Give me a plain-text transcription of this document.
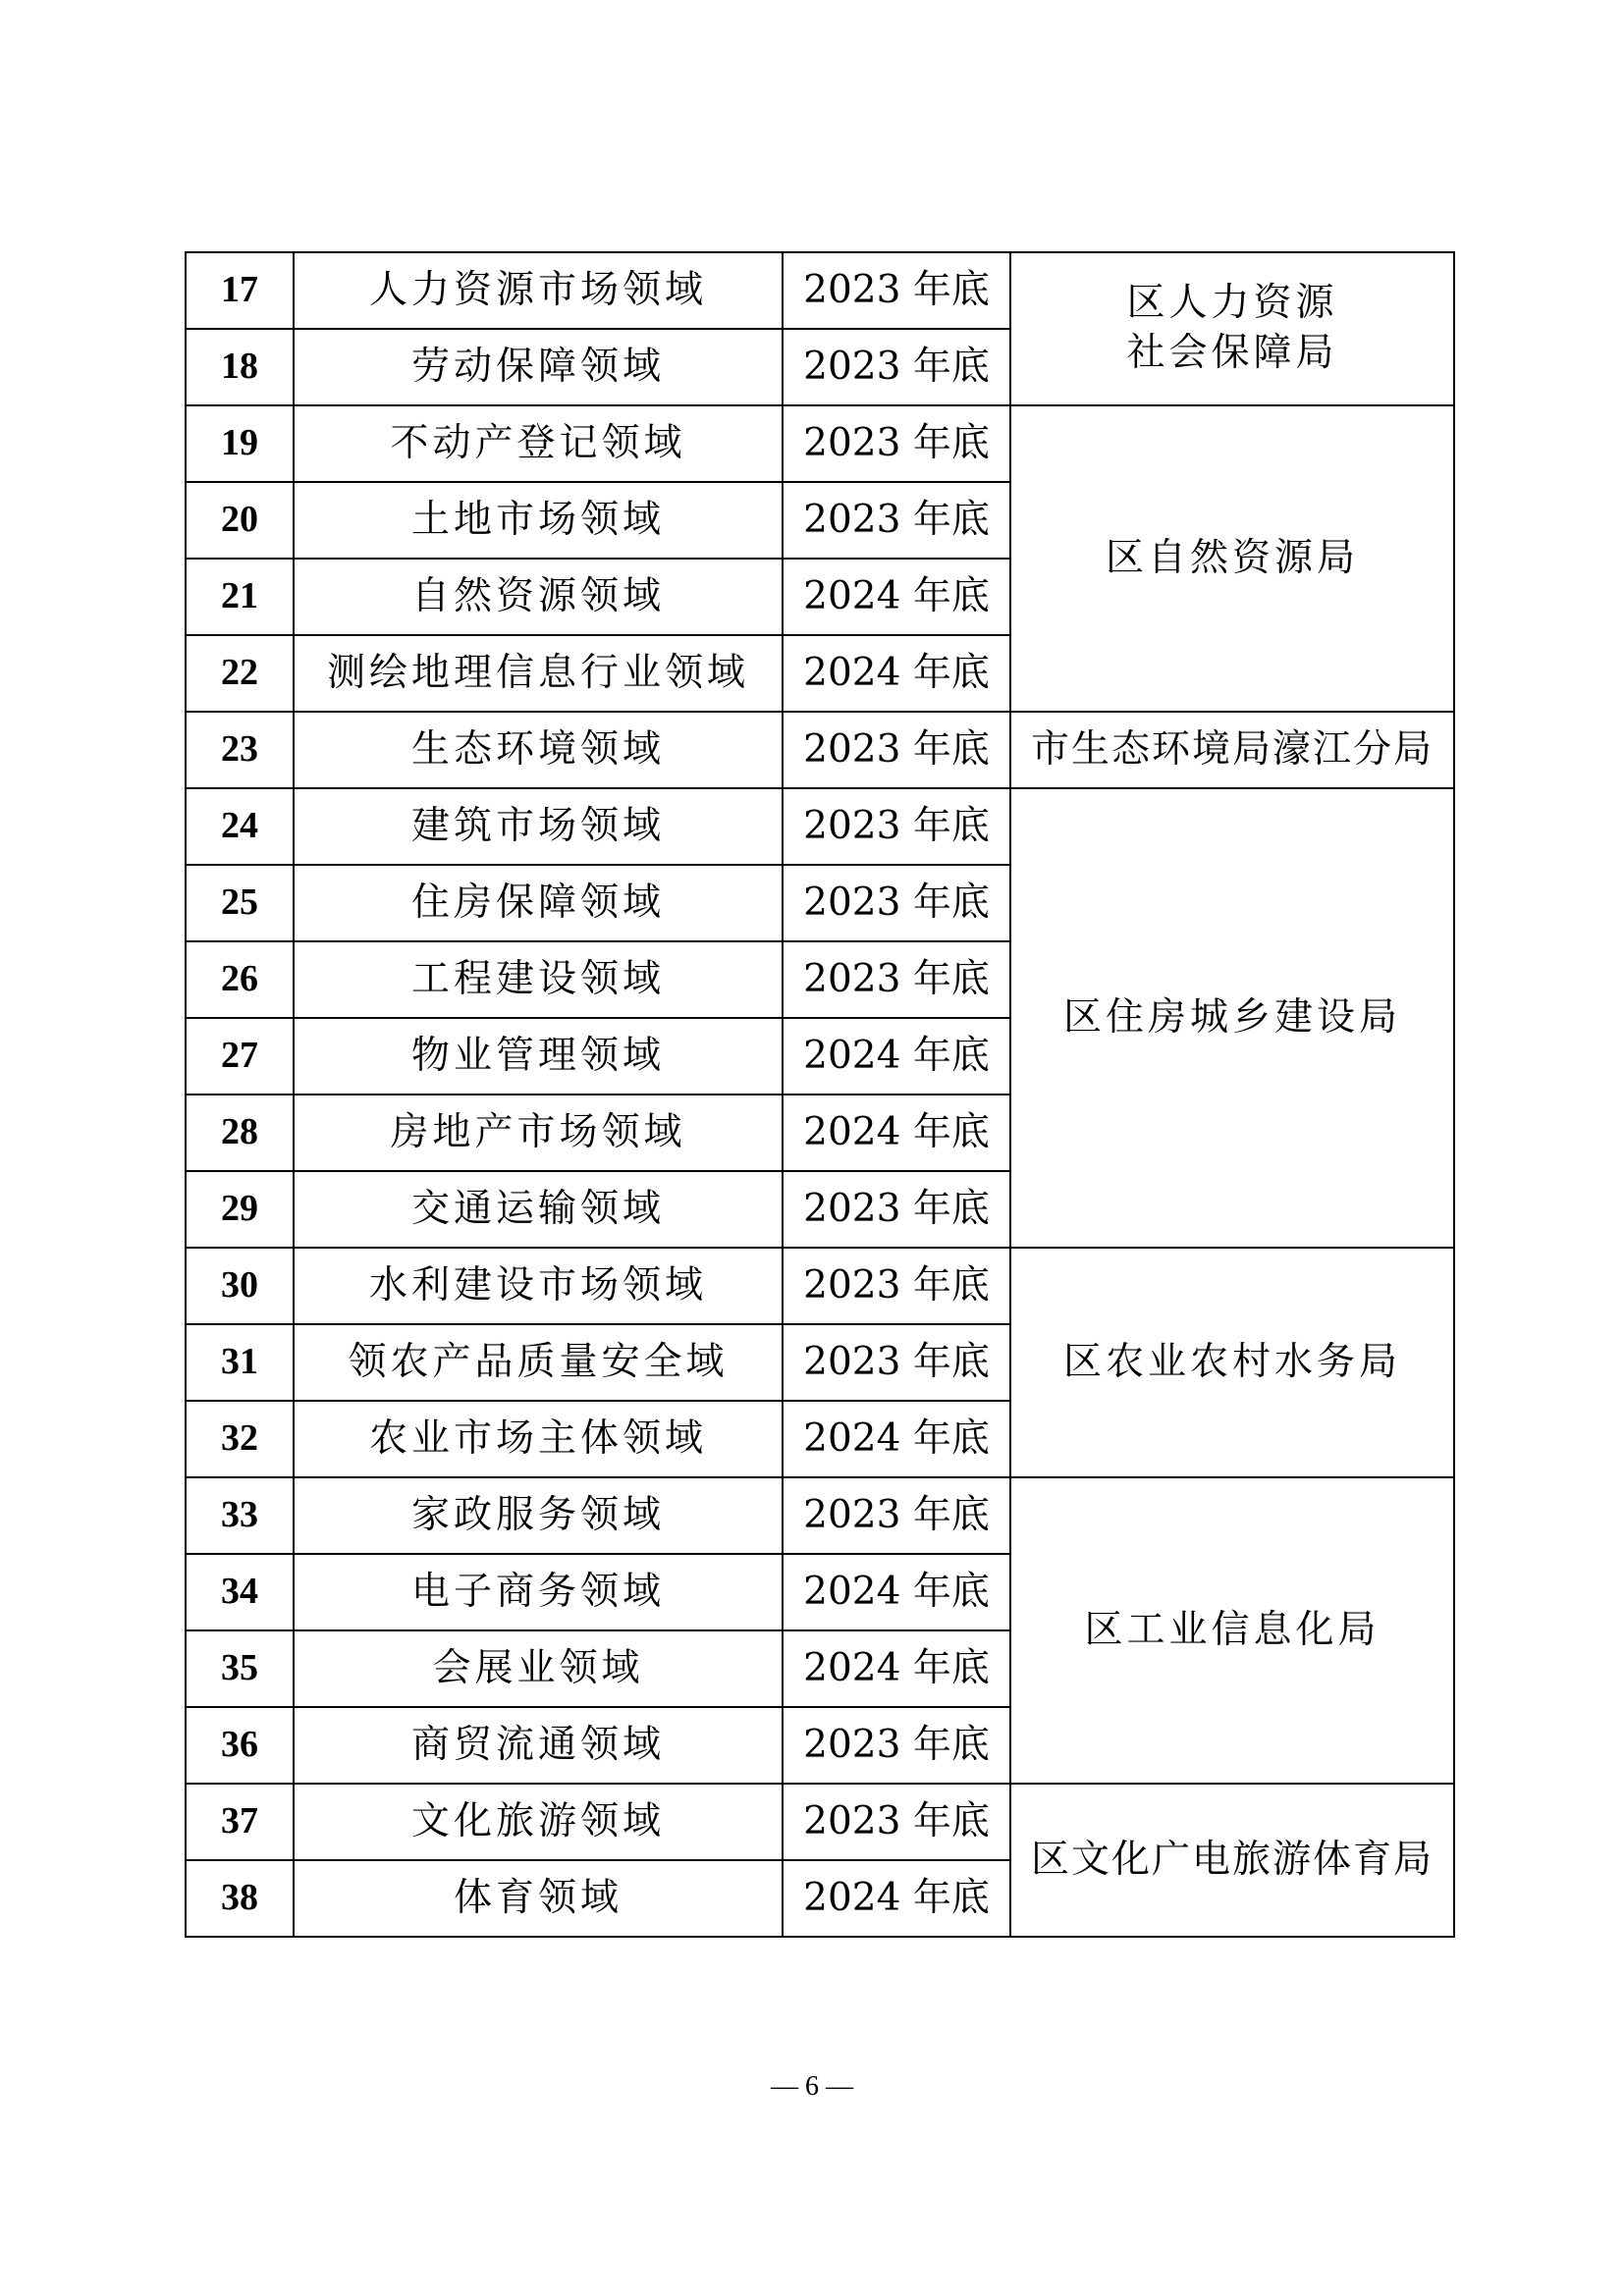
17	人力资源市场领域	2023 年底	区人力资源
社会保障局

18	劳动保障领域	2023 年底	
19	不动产登记领域	2023 年底	区自然资源局

20	土地市场领域	2023 年底	
21	自然资源领域	2024 年底	
22	测绘地理信息行业领域	2024 年底	
23	生态环境领域	2023 年底	市生态环境局濠江分局

24	建筑市场领域	2023 年底	区住房城乡建设局

25	住房保障领域	2023 年底	
26	工程建设领域	2023 年底	
27	物业管理领域	2024 年底	
28	房地产市场领域	2024 年底	
29	交通运输领域	2023 年底	
30	水利建设市场领域	2023 年底	区农业农村水务局

31	领农产品质量安全域	2023 年底	
32	农业市场主体领域	2024 年底	
33	家政服务领域	2023 年底	区工业信息化局

34	电子商务领域	2024 年底	
35	会展业领域	2024 年底	
36	商贸流通领域	2023 年底	
37	文化旅游领域	2023 年底	区文化广电旅游体育局

38	体育领域	2024 年底	
— 6 —
